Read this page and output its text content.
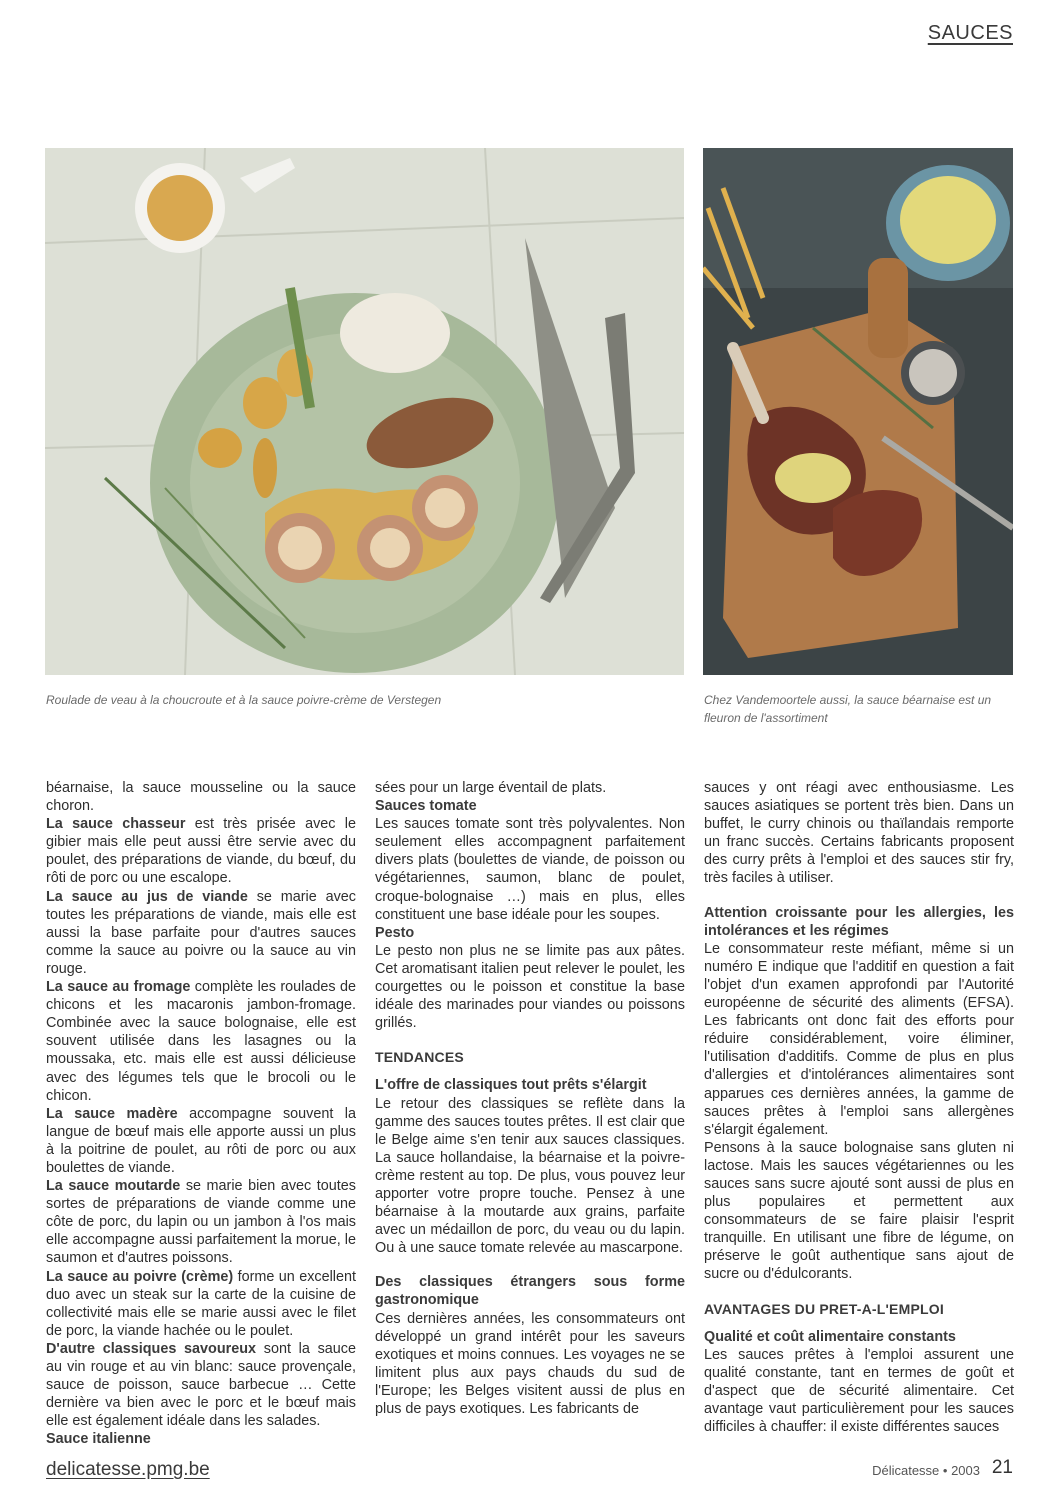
SAUCES
Roulade de veau à la choucroute et à la sauce poivre-crème de Verstegen	Chez Vandemoortele aussi, la sauce béarnaise est un fleuron de l'assortiment

béarnaise, la sauce mousseline ou la sauce choron.

La sauce chasseur est très prisée avec le gibier mais elle peut aussi être servie avec du poulet, des préparations de viande, du bœuf, du rôti de porc ou une escalope.

La sauce au jus de viande se marie avec toutes les préparations de viande, mais elle est aussi la base parfaite pour d'autres sauces comme la sauce au poivre ou la sauce au vin rouge.

La sauce au fromage complète les roulades de chicons et les macaronis jambon-fromage. Combinée avec la sauce bolognaise, elle est souvent utilisée dans les lasagnes ou la moussaka, etc. mais elle est aussi délicieuse avec des légumes tels que le brocoli ou le chicon.

La sauce madère accompagne souvent la langue de bœuf mais elle apporte aussi un plus à la poitrine de poulet, au rôti de porc ou aux boulettes de viande.

La sauce moutarde se marie bien avec toutes sortes de préparations de viande comme une côte de porc, du lapin ou un jambon à l'os mais elle accompagne aussi parfaitement la morue, le saumon et d'autres poissons.

La sauce au poivre (crème) forme un excellent duo avec un steak sur la carte de la cuisine de collectivité mais elle se marie aussi avec le filet de porc, la viande hachée ou le poulet.

D'autre classiques savoureux sont la sauce au vin rouge et au vin blanc: sauce provençale, sauce de poisson, sauce barbecue … Cette dernière va bien avec le porc et le bœuf mais elle est également idéale dans les salades.

Sauce italienne

sées pour un large éventail de plats.

Sauces tomate

Les sauces tomate sont très polyvalentes. Non seulement elles accompagnent parfaitement divers plats (boulettes de viande, de poisson ou végétariennes, saumon, blanc de poulet, croque-bolognaise …) mais en plus, elles constituent une base idéale pour les soupes.

Pesto

Le pesto non plus ne se limite pas aux pâtes. Cet aromatisant italien peut relever le poulet, les courgettes ou le poisson et constitue la base idéale des marinades pour viandes ou poissons grillés.

TENDANCES

L'offre de classiques tout prêts s'élargit

Le retour des classiques se reflète dans la gamme des sauces toutes prêtes. Il est clair que le Belge aime s'en tenir aux sauces classiques. La sauce hollandaise, la béarnaise et la poivre-crème restent au top. De plus, vous pouvez leur apporter votre propre touche. Pensez à une béarnaise à la moutarde aux grains, parfaite avec un médaillon de porc, du veau ou du lapin. Ou à une sauce tomate relevée au mascarpone.

Des classiques étrangers sous forme gastronomique

Ces dernières années, les consommateurs ont développé un grand intérêt pour les saveurs exotiques et moins connues. Les voyages ne se limitent plus aux pays chauds du sud de l'Europe; les Belges visitent aussi de plus en plus de pays exotiques. Les fabricants de

sauces y ont réagi avec enthousiasme. Les sauces asiatiques se portent très bien. Dans un buffet, le curry chinois ou thaïlandais remporte un franc succès. Certains fabricants proposent des curry prêts à l'emploi et des sauces stir fry, très faciles à utiliser.

Attention croissante pour les allergies, les intolérances et les régimes

Le consommateur reste méfiant, même si un numéro E indique que l'additif en question a fait l'objet d'un examen approfondi par l'Autorité européenne de sécurité des aliments (EFSA). Les fabricants ont donc fait des efforts pour réduire considérablement, voire éliminer, l'utilisation d'additifs. Comme de plus en plus d'allergies et d'intolérances alimentaires sont apparues ces dernières années, la gamme de sauces prêtes à l'emploi sans allergènes s'élargit également.

Pensons à la sauce bolognaise sans gluten ni lactose. Mais les sauces végétariennes ou les sauces sans sucre ajouté sont aussi de plus en plus populaires et permettent aux consommateurs de se faire plaisir l'esprit tranquille. En utilisant une fibre de légume, on préserve le goût authentique sans ajout de sucre ou d'édulcorants.

AVANTAGES DU PRET-A-L'EMPLOI

Qualité et coût alimentaire constants

Les sauces prêtes à l'emploi assurent une qualité constante, tant en termes de goût et d'aspect que de sécurité alimentaire. Cet avantage vaut particulièrement pour les sauces difficiles à chauffer: il existe différentes sauces

delicatesse.pmg.be	Délicatesse • 2003 21
